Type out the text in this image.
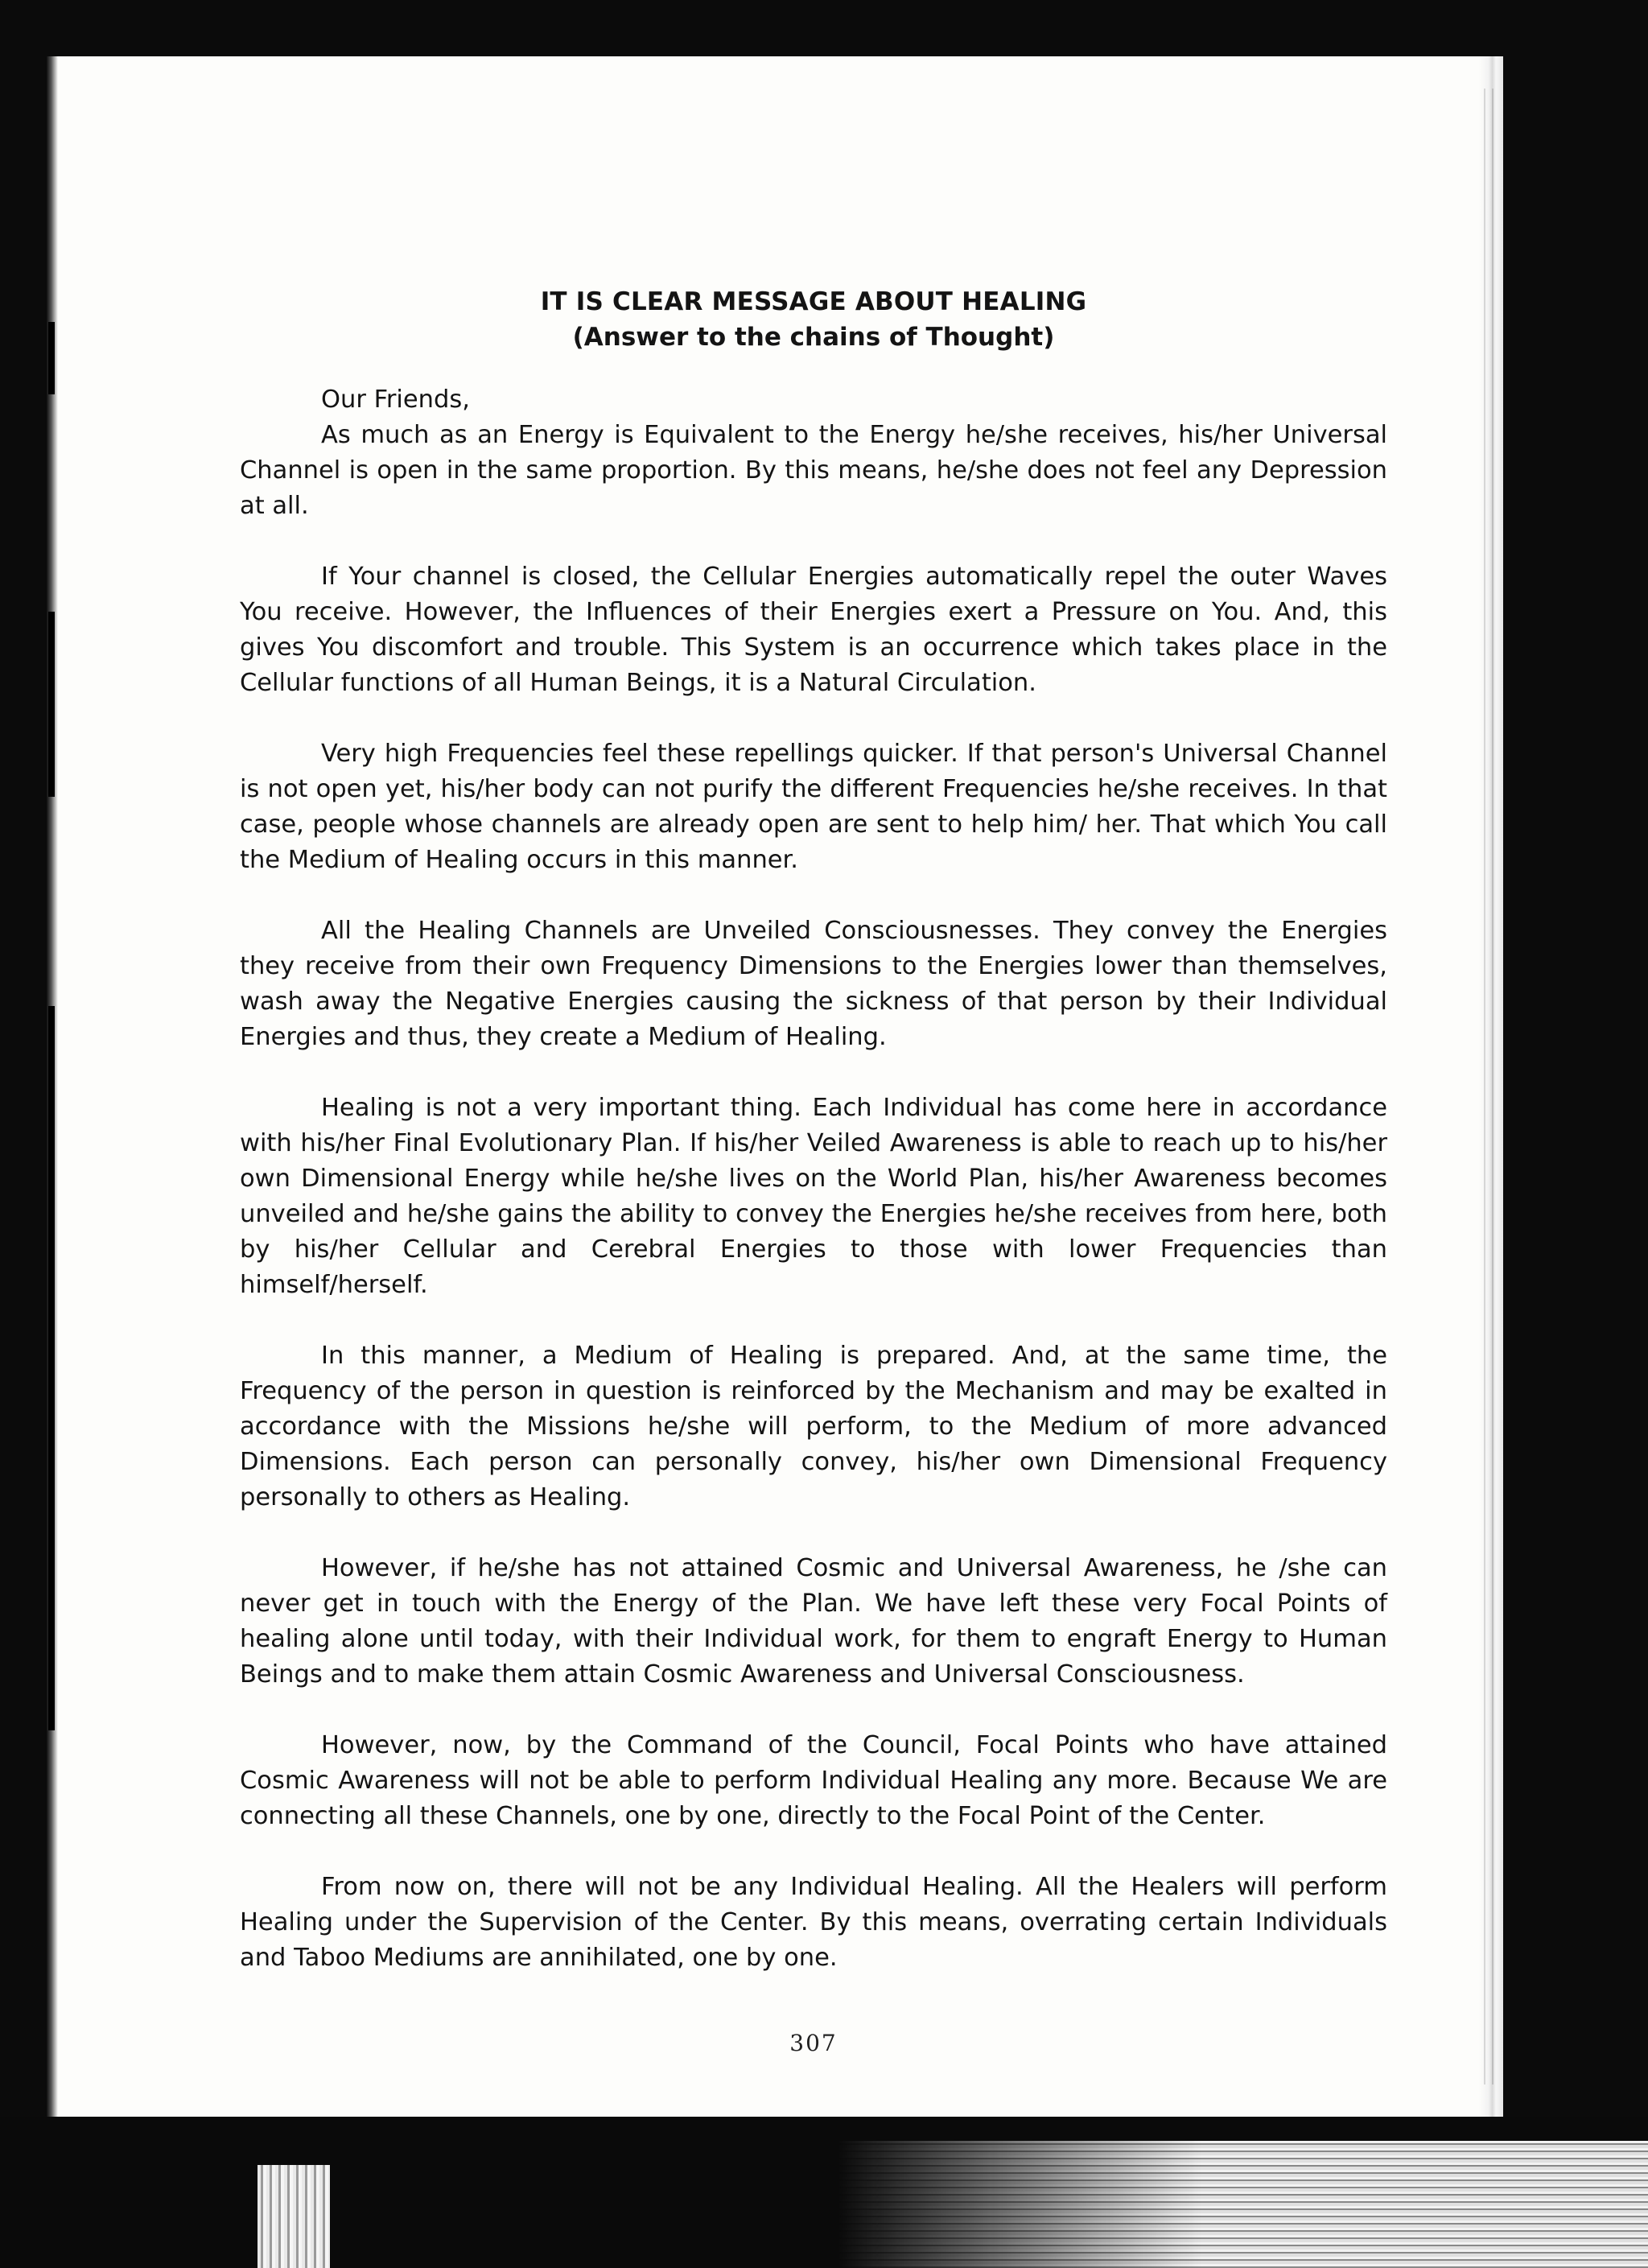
IT IS CLEAR MESSAGE ABOUT HEALING
(Answer to the chains of Thought)

Our Friends,

As much as an Energy is Equivalent to the Energy he/she receives, his/her Universal Channel is open in the same proportion. By this means, he/she does not feel any Depression at all.

If Your channel is closed, the Cellular Energies automatically repel the outer Waves You receive. However, the Influences of their Energies exert a Pressure on You. And, this gives You discomfort and trouble. This System is an occurrence which takes place in the Cellular functions of all Human Beings, it is a Natural Circulation.

Very high Frequencies feel these repellings quicker. If that person's Universal Channel is not open yet, his/her body can not purify the different Frequencies he/she receives. In that case, people whose channels are already open are sent to help him/ her. That which You call the Medium of Healing occurs in this manner.

All the Healing Channels are Unveiled Consciousnesses. They convey the Energies they receive from their own Frequency Dimensions to the Energies lower than themselves, wash away the Negative Energies causing the sickness of that person by their Individual Energies and thus, they create a Medium of Healing.

Healing is not a very important thing. Each Individual has come here in accordance with his/her Final Evolutionary Plan. If his/her Veiled Awareness is able to reach up to his/her own Dimensional Energy while he/she lives on the World Plan, his/her Awareness becomes unveiled and he/she gains the ability to convey the Energies he/she receives from here, both by his/her Cellular and Cerebral Energies to those with lower Frequencies than himself/herself.

In this manner, a Medium of Healing is prepared. And, at the same time, the Frequency of the person in question is reinforced by the Mechanism and may be exalted in accordance with the Missions he/she will perform, to the Medium of more advanced Dimensions. Each person can personally convey, his/her own Dimensional Frequency personally to others as Healing.

However, if he/she has not attained Cosmic and Universal Awareness, he /she can never get in touch with the Energy of the Plan. We have left these very Focal Points of healing alone until today, with their Individual work, for them to engraft Energy to Human Beings and to make them attain Cosmic Awareness and Universal Consciousness.

However, now, by the Command of the Council, Focal Points who have attained Cosmic Awareness will not be able to perform Individual Healing any more. Because We are connecting all these Channels, one by one, directly to the Focal Point of the Center.

From now on, there will not be any Individual Healing. All the Healers will perform Healing under the Supervision of the Center. By this means, overrating certain Individuals and Taboo Mediums are annihilated, one by one.

307
